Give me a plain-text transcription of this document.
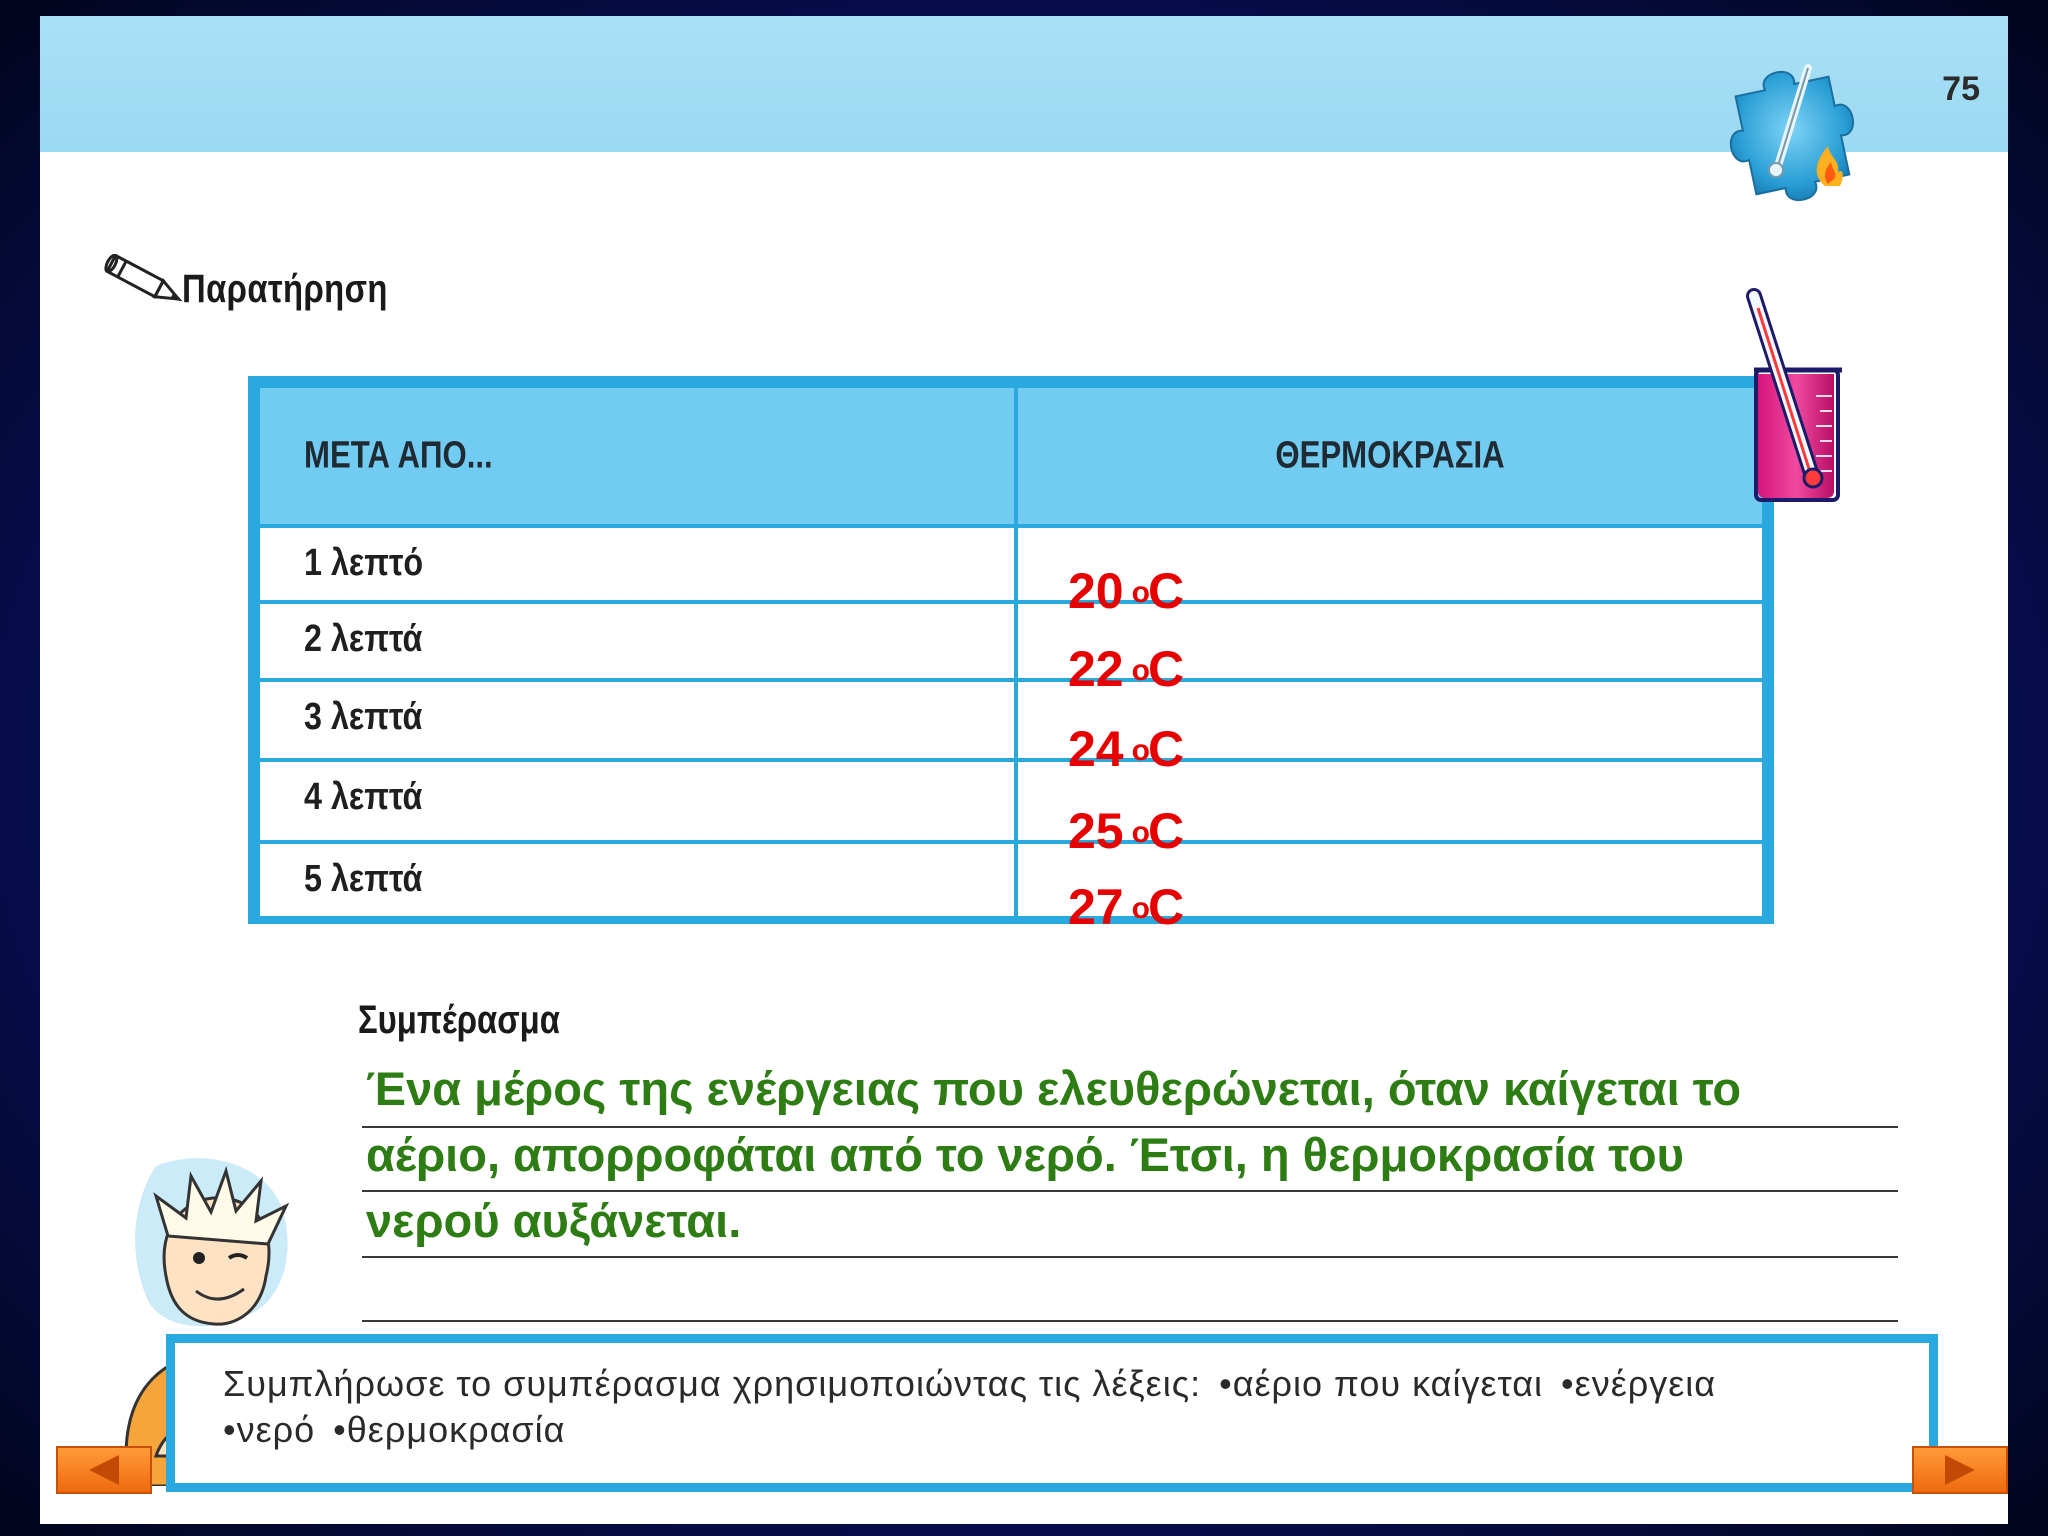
75
Παρατήρηση
ΜΕΤΑ ΑΠΟ...	ΘΕΡΜΟΚΡΑΣΙΑ

1 λεπτό	20 oC

2 λεπτά	22 oC

3 λεπτά	24 oC

4 λεπτά	25 oC

5 λεπτά	27 oC
Συμπέρασμα
Ένα μέρος της ενέργειας που ελευθερώνεται, όταν καίγεται το
αέριο, απορροφάται από το νερό. Έτσι, η θερμοκρασία του
νερού αυξάνεται.
Συμπλήρωσε το συμπέρασμα χρησιμοποιώντας τις λέξεις: •αέριο που καίγεται •ενέργεια
•νερό •θερμοκρασία
